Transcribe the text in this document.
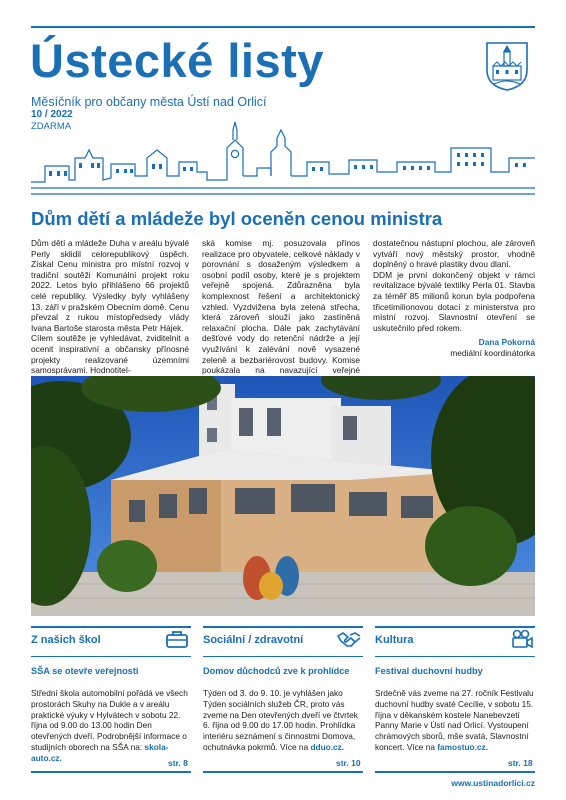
Ústecké listy
Měsíčník pro občany města Ústí nad Orlicí
10 / 2022
ZDARMA
Dům dětí a mládeže byl oceněn cenou ministra

Dům dětí a mládeže Duha v areálu bývalé Perly sklidil celorepublikový úspěch. Získal Cenu ministra pro místní rozvoj v tradiční soutěži Komunální projekt roku 2022. Letos bylo přihlášeno 66 projektů celé republiky. Výsledky byly vyhlášeny 13. září v pražském Obecním domě. Cenu převzal z rukou místopředsedy vlády Ivana Bartoše starosta města Petr Hájek.

Cílem soutěže je vyhledávat, zviditelnit a ocenit inspirativní a občansky přínosné projekty realizované územními samosprávami. Hodnotitel-

ská komise mj. posuzovala přínos realizace pro obyvatele, celkové náklady v porovnání s dosaženým výsledkem a osobní podíl osoby, které je s projektem veřejně spojená. Zdůrazněna byla komplexnost řešení a architektonický vzhled. Vyzdvižena byla zelená střecha, která zároveň slouží jako zastíněná relaxační plocha. Dále pak zachytávání dešťové vody do retenční nádrže a její využívání k zalévání nově vysazené zeleně a bezbariérovost budovy. Komise poukázala na navazující veřejné

dostatečnou nástupní plochou, ale zároveň vytváří nový městský prostor, vhodně doplněný o hravé plastiky dvou dlaní.

DDM je první dokončený objekt v rámci revitalizace bývalé textilky Perla 01. Stavba za téměř 85 milionů korun byla podpořena třicetimilionovou dotací z ministerstva pro místní rozvoj. Slavnostní otevření se uskutečnilo před rokem.

Dana Pokorná

mediální koordinátorka

Z našich škol	Sociální / zdravotní	Kultura
SŠA se otevře veřejnosti	Domov důchodců zve k prohlídce	Festival duchovní hudby
Střední škola automobilní pořádá ve všech prostorách Skuhy na Dukle a v areálu praktické výuky v Hylvátech v sobotu 22. října od 9.00 do 13.00 hodin Den otevřených dveří. Podrobnější informace o studijních oborech na SŠA na: skola-auto.cz.
Týden od 3. do 9. 10. je vyhlášen jako Týden sociálních služeb ČR, proto vás zveme na Den otevřených dveří ve čtvrtek 6. října od 9.00 do 17.00 hodin. Prohlídka interiéru seznámení s činnostmi Domova, ochutnávka pokrmů. Více na dduo.cz.
Srdečně vás zveme na 27. ročník Festivalu duchovní hudby svaté Cecílie, v sobotu 15. října v děkanském kostele Nanebevzetí Panny Marie v Ústí nad Orlicí. Vystoupení chrámových sborů, mše svatá, Slavnostní koncert. Více na famostuo.cz.
str. 8	str. 10	str. 18
www.ustinadorlici.cz
